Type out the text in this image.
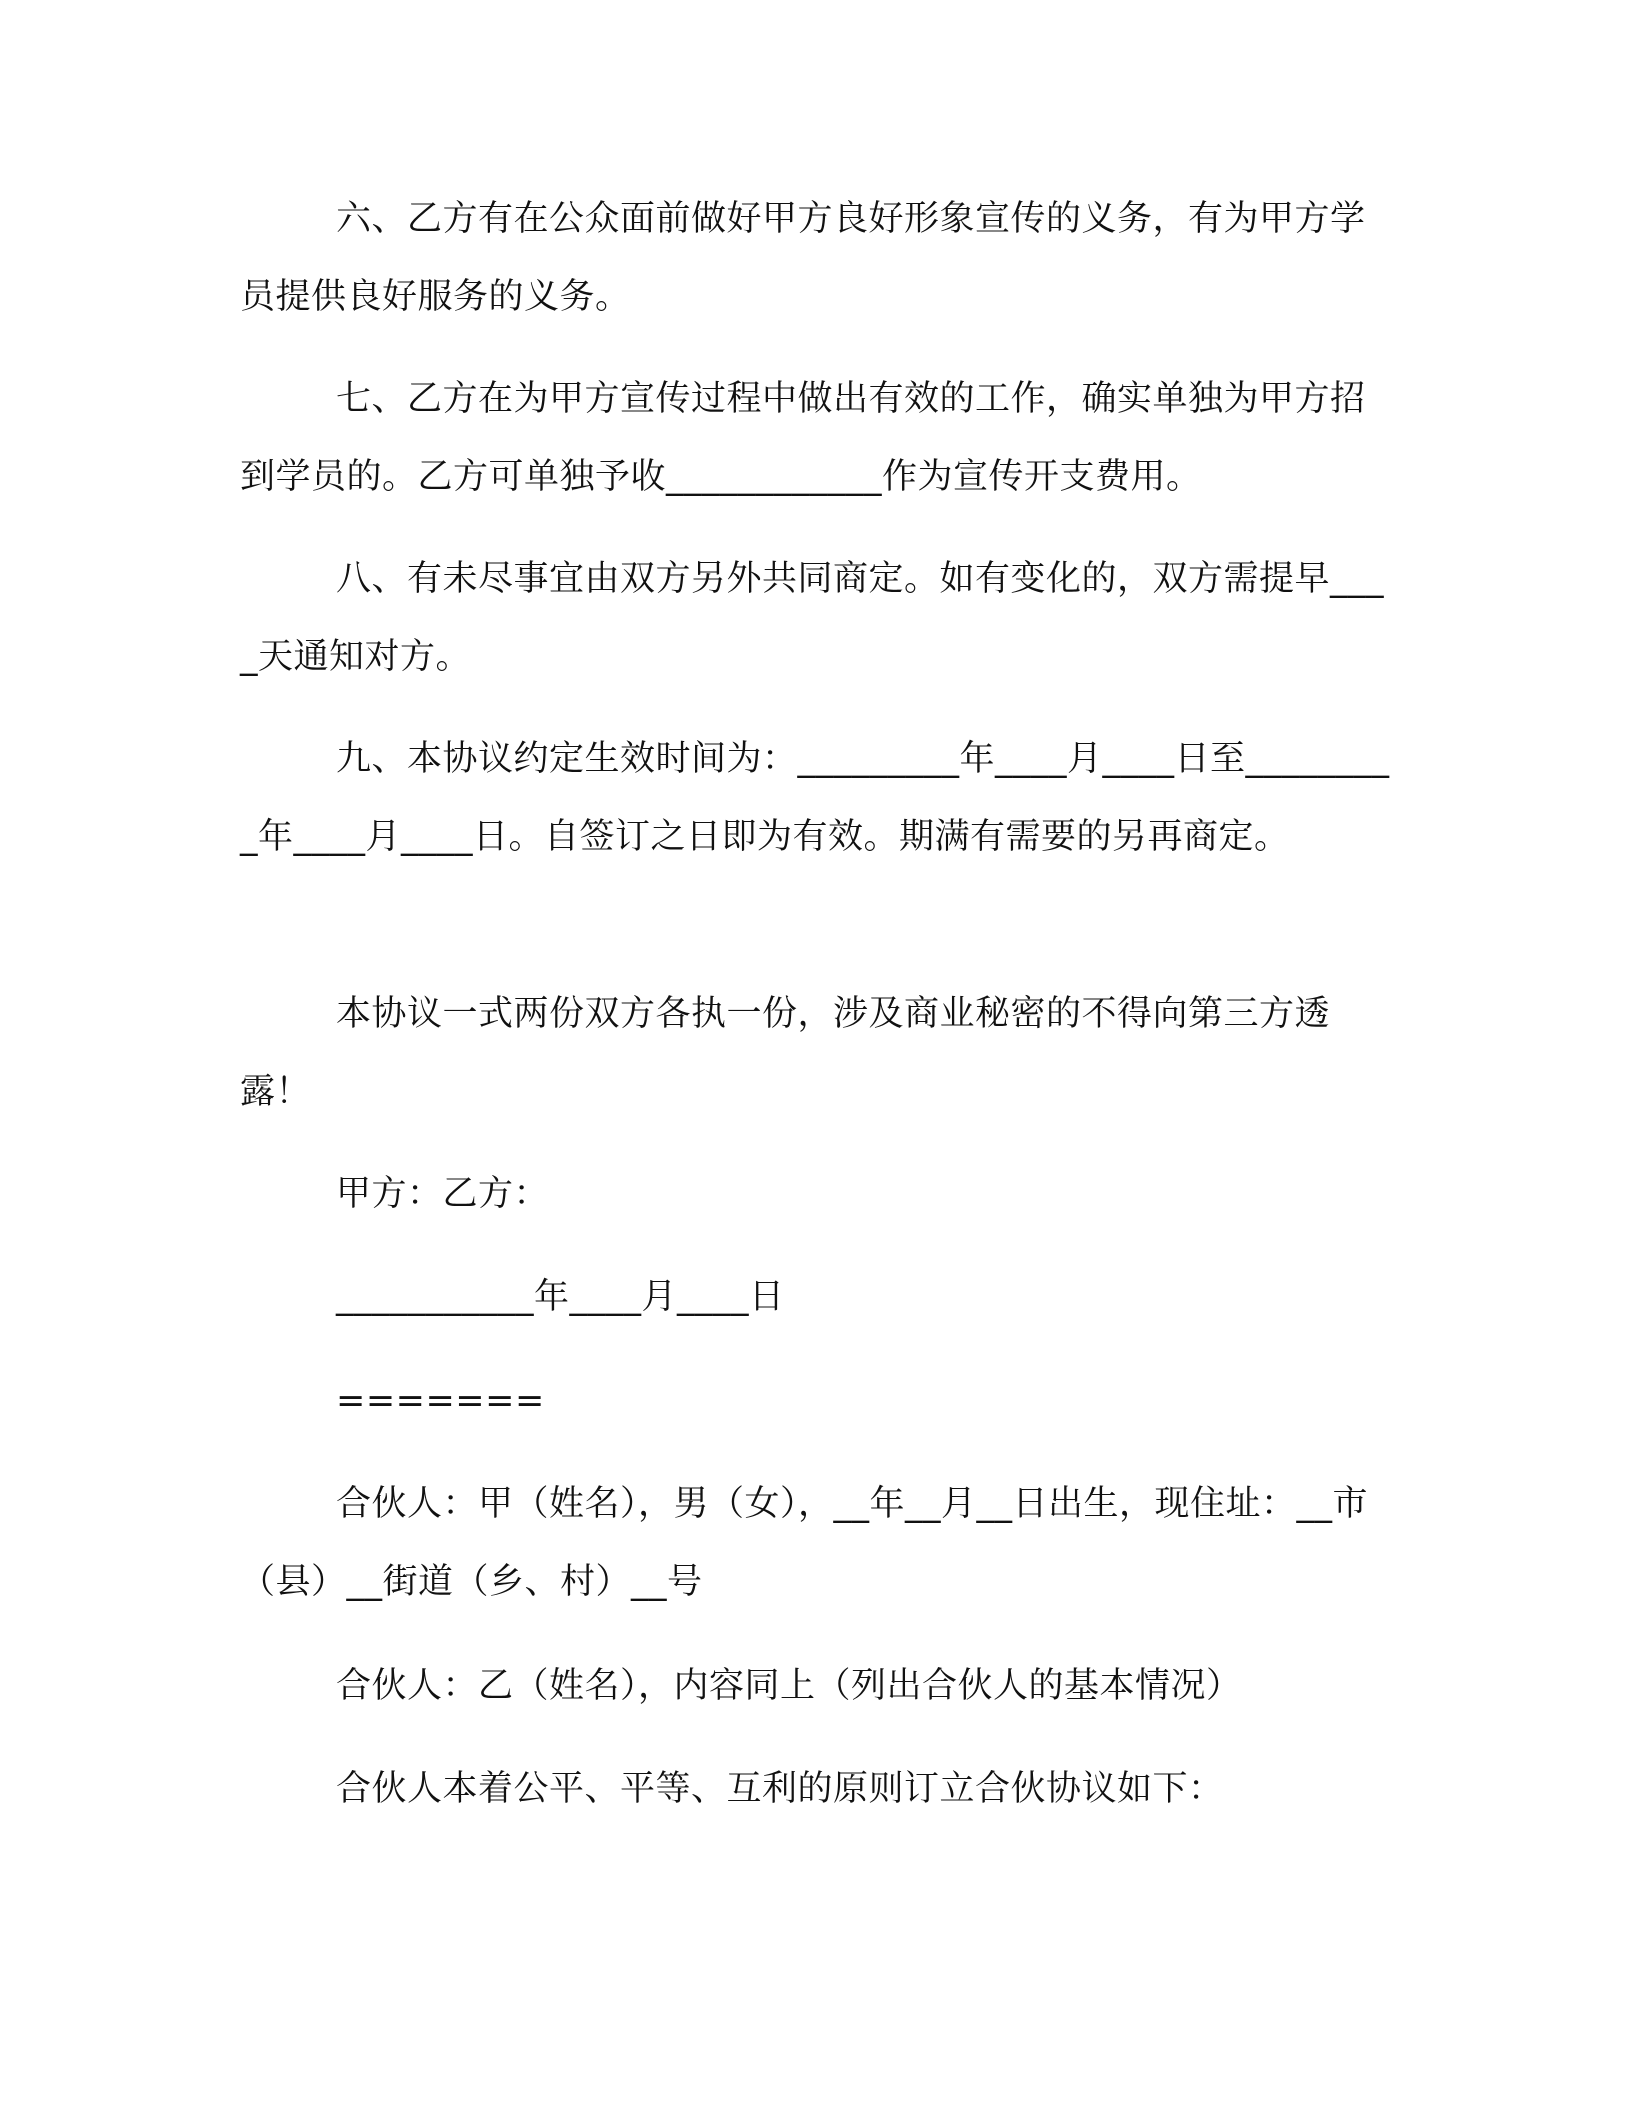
六、乙方有在公众面前做好甲方良好形象宣传的义务，有为甲方学员提供良好服务的义务。
七、乙方在为甲方宣传过程中做出有效的工作，确实单独为甲方招到学员的。乙方可单独予收____________作为宣传开支费用。
八、有未尽事宜由双方另外共同商定。如有变化的，双方需提早____天通知对方。
九、本协议约定生效时间为：_________年____月____日至_________年____月____日。自签订之日即为有效。期满有需要的另再商定。
本协议一式两份双方各执一份，涉及商业秘密的不得向第三方透露！
甲方：乙方：
___________年____月____日
=======
合伙人：甲（姓名），男（女），__年__月__日出生，现住址：__市（县）__街道（乡、村）__号
合伙人：乙（姓名），内容同上（列出合伙人的基本情况）
合伙人本着公平、平等、互利的原则订立合伙协议如下：
